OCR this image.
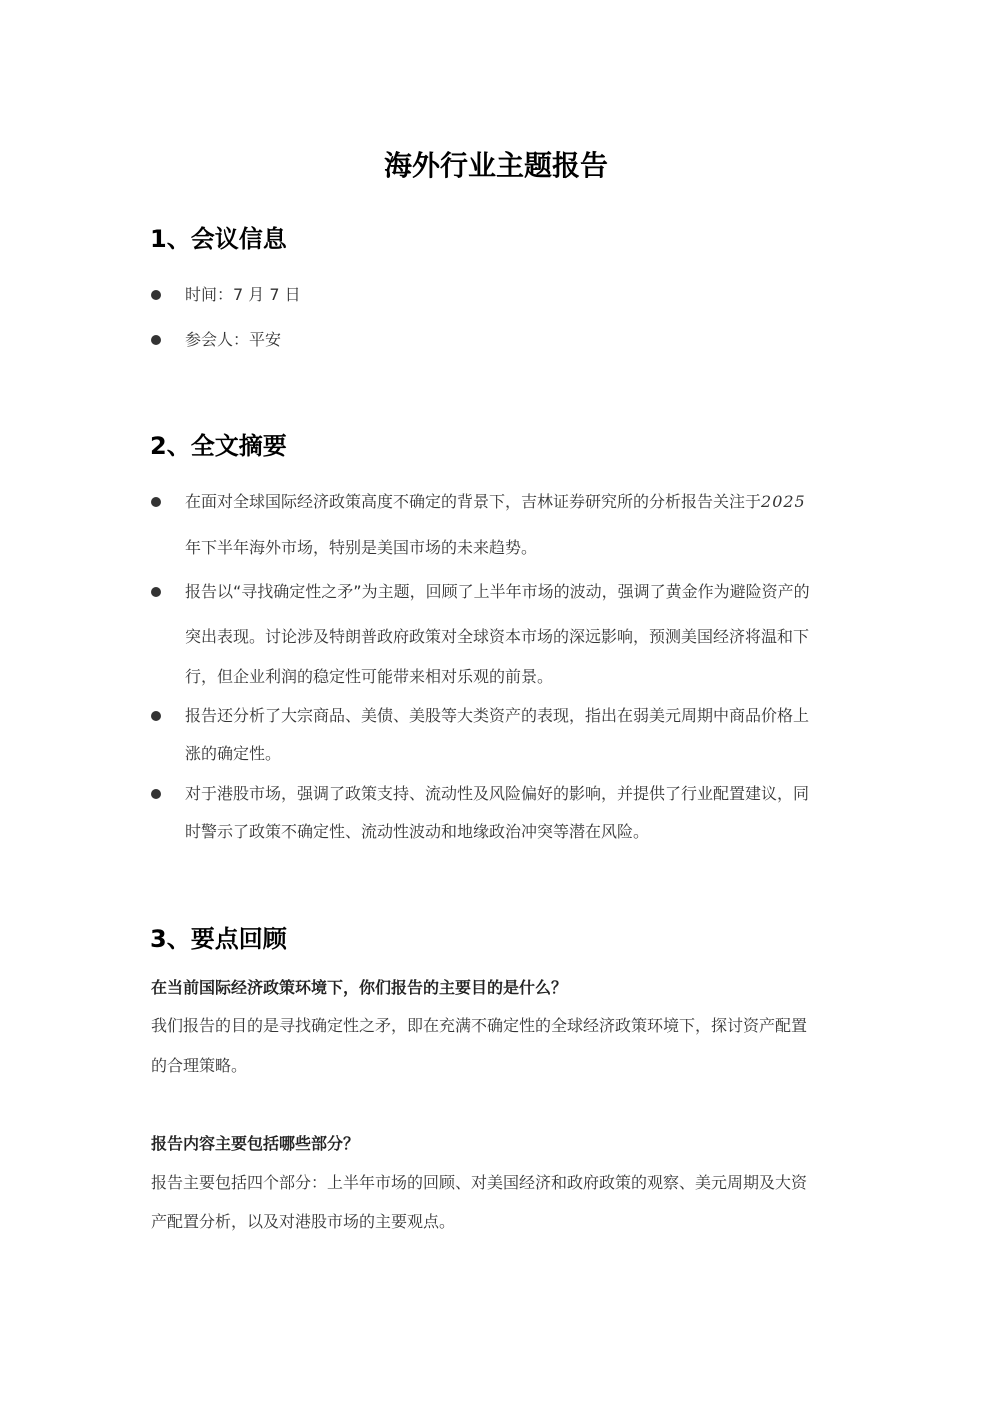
海外行业主题报告
1、会议信息
时间：7 月 7 日
参会人：平安
2、全文摘要
在面对全球国际经济政策高度不确定的背景下，吉林证券研究所的分析报告关注于2025
年下半年海外市场，特别是美国市场的未来趋势。
报告以“寻找确定性之矛”为主题，回顾了上半年市场的波动，强调了黄金作为避险资产的
突出表现。讨论涉及特朗普政府政策对全球资本市场的深远影响，预测美国经济将温和下
行，但企业利润的稳定性可能带来相对乐观的前景。
报告还分析了大宗商品、美债、美股等大类资产的表现，指出在弱美元周期中商品价格上
涨的确定性。
对于港股市场，强调了政策支持、流动性及风险偏好的影响，并提供了行业配置建议，同
时警示了政策不确定性、流动性波动和地缘政治冲突等潜在风险。
3、要点回顾
在当前国际经济政策环境下，你们报告的主要目的是什么？
我们报告的目的是寻找确定性之矛，即在充满不确定性的全球经济政策环境下，探讨资产配置
的合理策略。
报告内容主要包括哪些部分？
报告主要包括四个部分：上半年市场的回顾、对美国经济和政府政策的观察、美元周期及大资
产配置分析，以及对港股市场的主要观点。
